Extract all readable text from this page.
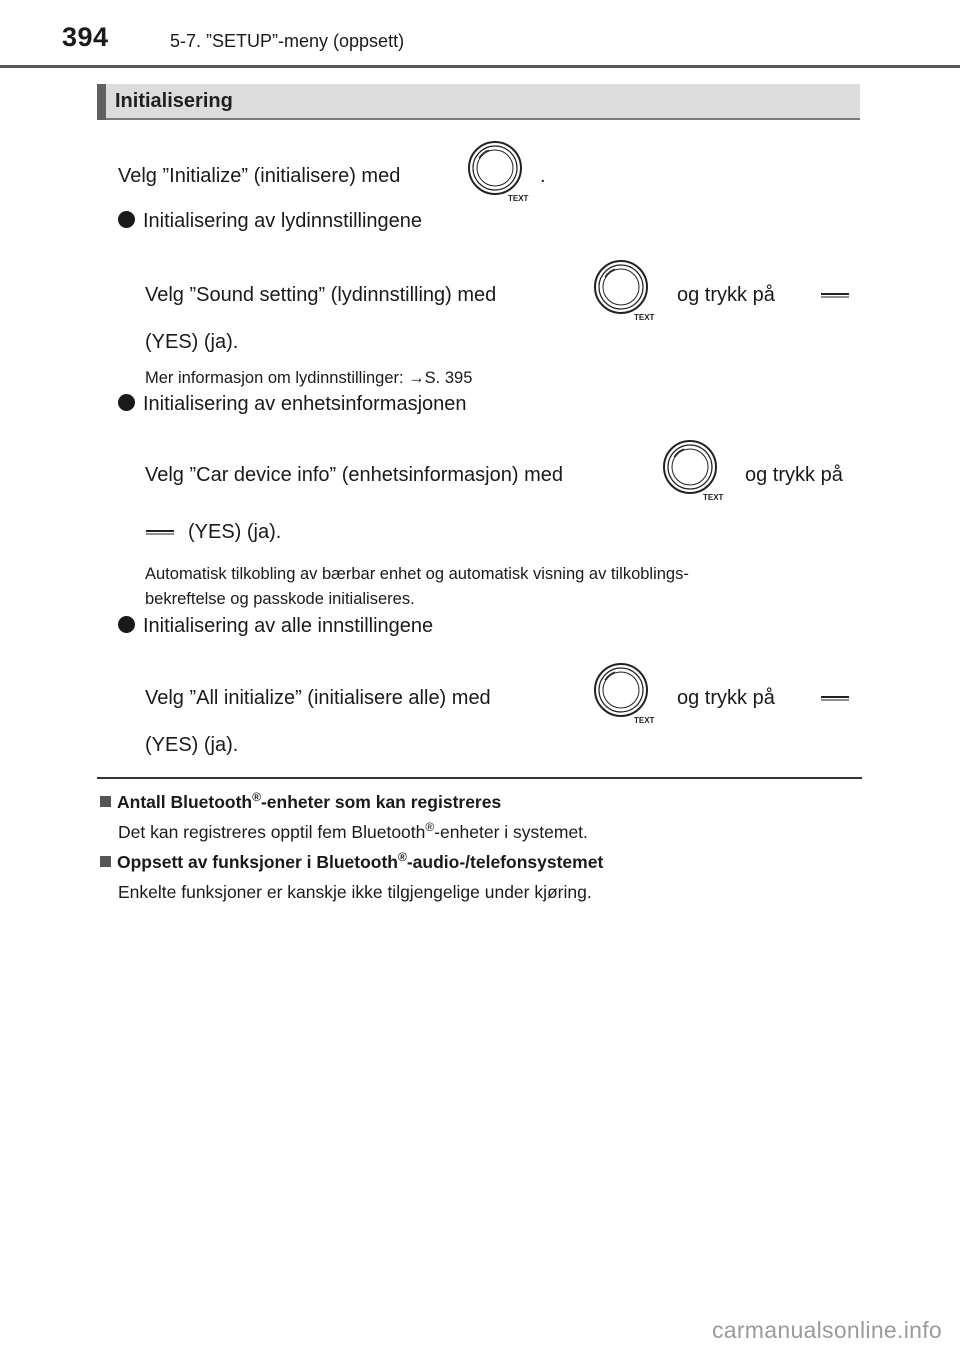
394	5-7. ”SETUP”-meny (oppsett)
Initialisering
Velg ”Initialize” (initialisere) med
TEXT
.
Initialisering av lydinnstillingene
Velg ”Sound setting” (lydinnstilling) med
TEXT
og trykk på
(YES) (ja).
Mer informasjon om lydinnstillinger: →S. 395
Initialisering av enhetsinformasjonen
Velg ”Car device info” (enhetsinformasjon) med
TEXT
og trykk på
(YES) (ja).
Automatisk tilkobling av bærbar enhet og automatisk visning av tilkoblings-
bekreftelse og passkode initialiseres.
Initialisering av alle innstillingene
Velg ”All initialize” (initialisere alle) med
TEXT
og trykk på
(YES) (ja).
Antall Bluetooth®-enheter som kan registreres
Det kan registreres opptil fem Bluetooth®-enheter i systemet.
Oppsett av funksjoner i Bluetooth®-audio-/telefonsystemet
Enkelte funksjoner er kanskje ikke tilgjengelige under kjøring.
carmanualsonline.info
